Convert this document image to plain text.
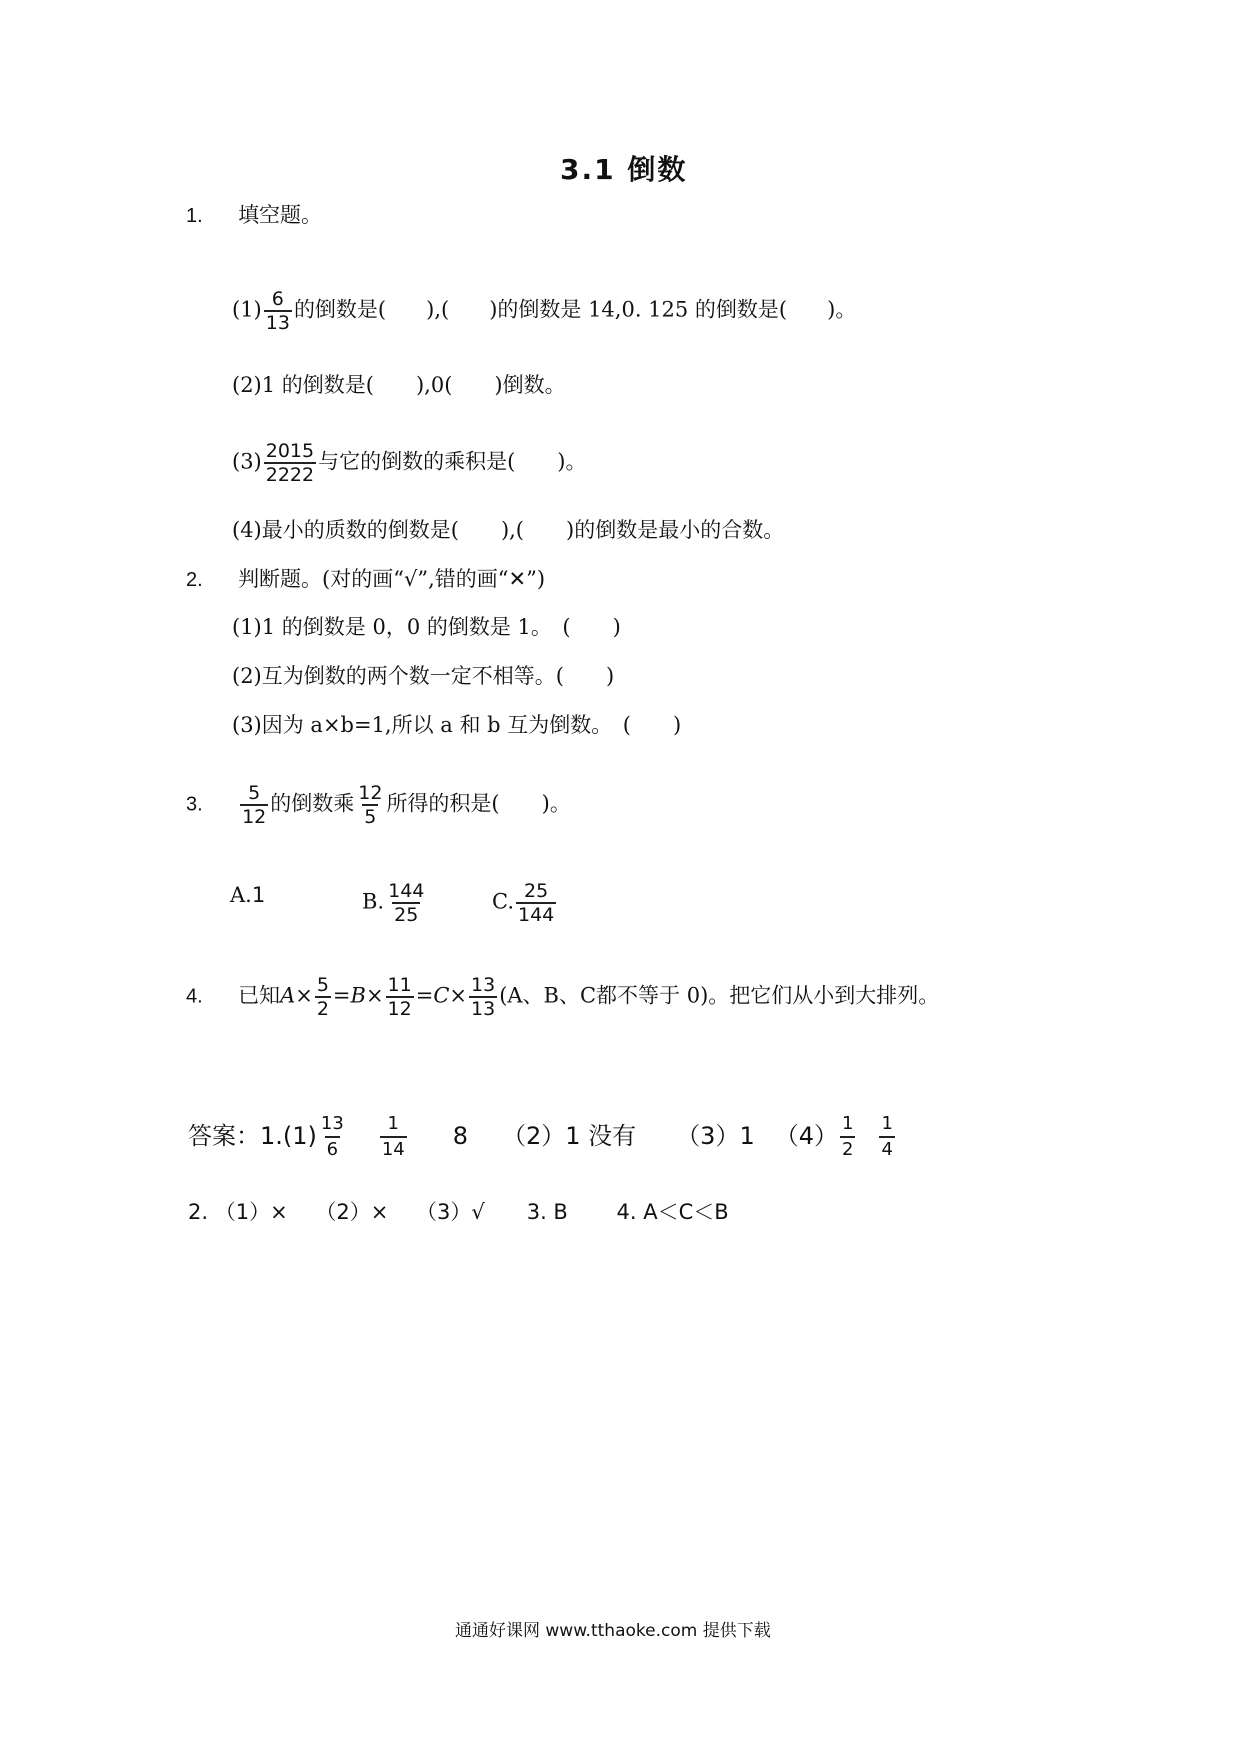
3.1 倒数
1. 填空题。
$(1) \frac{6}{13}$ 的倒数是( ),( )的倒数是 14,0. 125 的倒数是( )。
(2)1 的倒数是(　　),0(　　)倒数。
$(3) \frac{2015}{2222}$ 与它的倒数的乘积是(　　)。
(4)最小的质数的倒数是(　　),(　　)的倒数是最小的合数。
2. 判断题。(对的画“√”,错的画“✕”)
(1)1 的倒数是 0，0 的倒数是 1。　(　　)
(2)互为倒数的两个数一定不相等。(　　)
(3)因为 a×b=1,所以 a 和 b 互为倒数。　(　　)
3. $\frac{5}{12}$ 的倒数乘 $\frac{12}{5}$ 所得的积是(　　)。
A.1	B. $\frac{144}{25}$	C. $\frac{25}{144}$
4. 已知$A\times \frac{5}{2} =B\times \frac{11}{12} =C\times \frac{13}{13} (A$、B、C都不等于 0)。把它们从小到大排列。
答案：$1.(1) \frac{13}{6} \frac{1}{14} 8$ （2）1 没有 （3）1 $(4) \frac{1}{2} \frac{1}{4}$
2. （1）×　 （2）×　 （3）√　　3. B　　 4. A＜C＜B
通通好课网 www.tthaoke.com 提供下载
